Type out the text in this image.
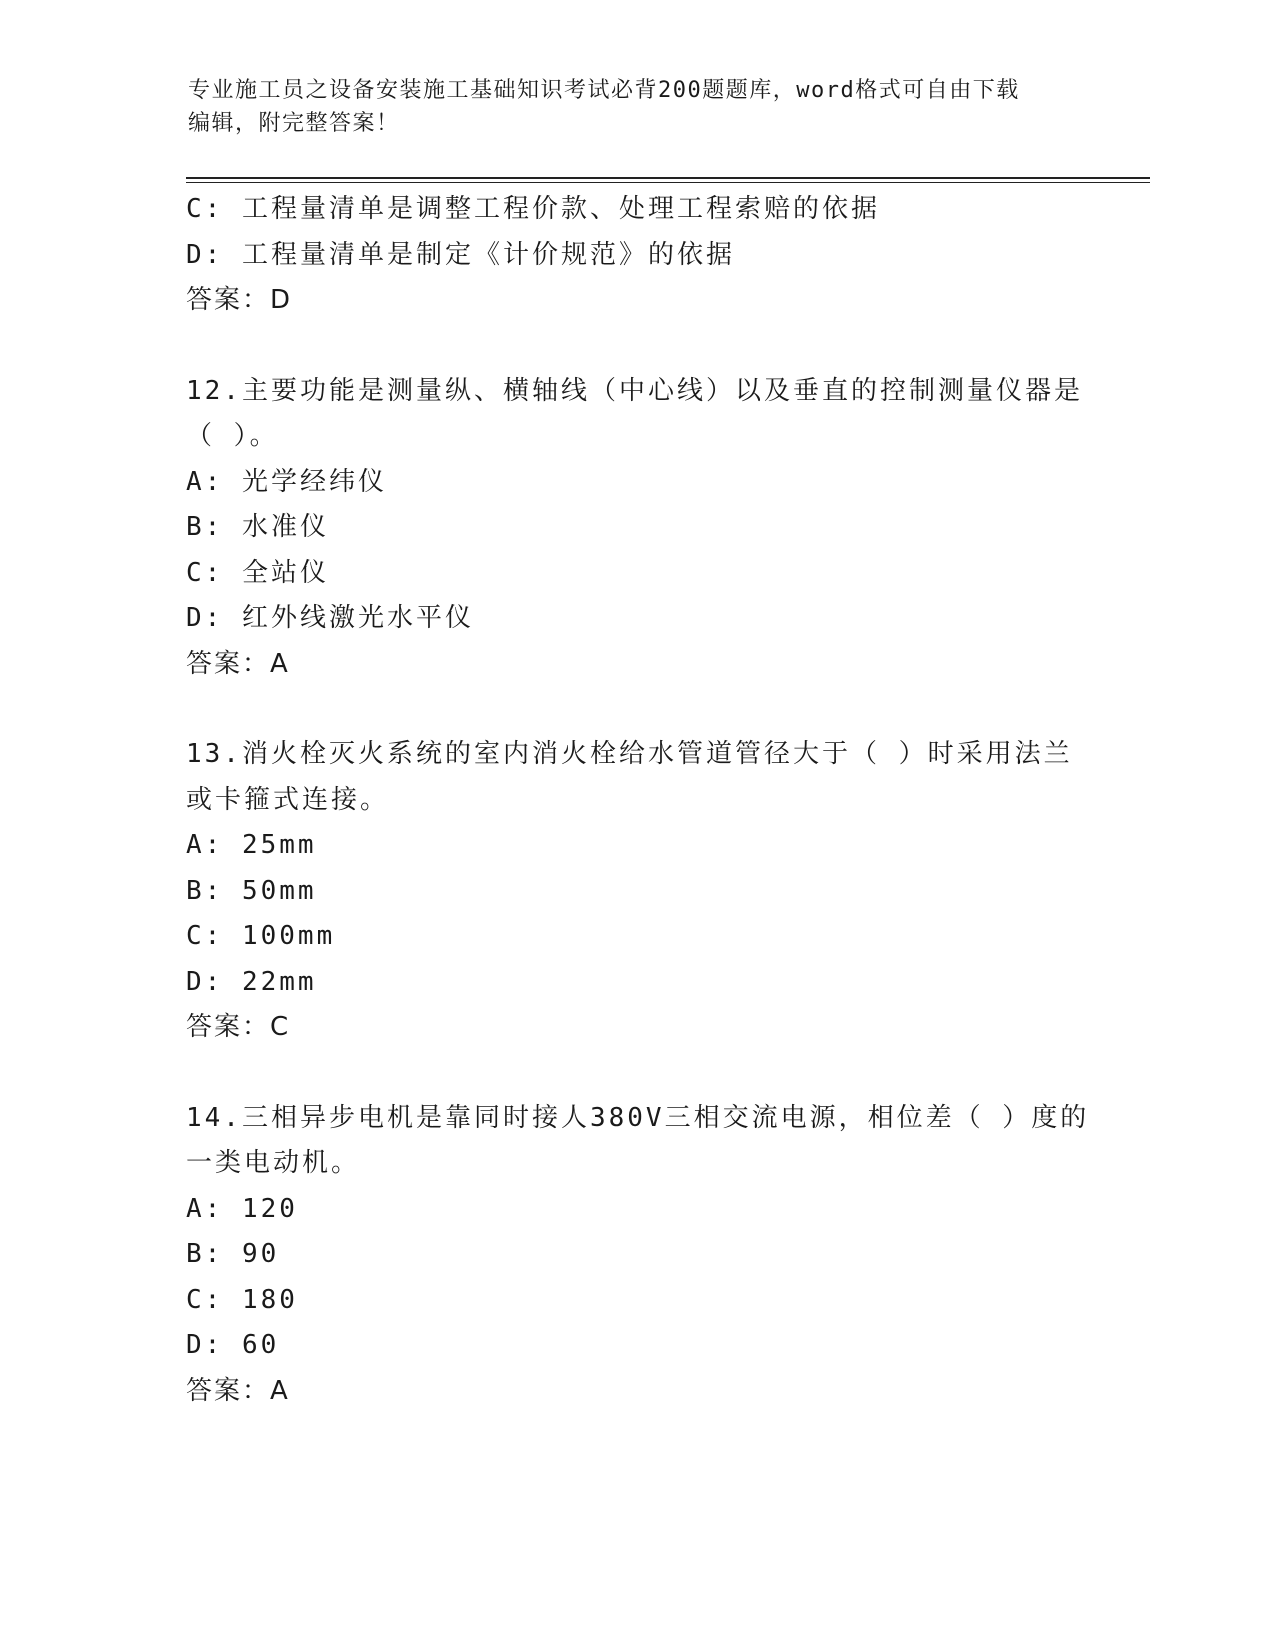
专业施工员之设备安装施工基础知识考试必背200题题库，word格式可自由下载
编辑，附完整答案！
C: 工程量清单是调整工程价款、处理工程索赔的依据
D: 工程量清单是制定《计价规范》的依据
答案：D
12.主要功能是测量纵、横轴线（中心线）以及垂直的控制测量仪器是
（ ）。
A: 光学经纬仪
B: 水准仪
C: 全站仪
D: 红外线激光水平仪
答案：A
13.消火栓灭火系统的室内消火栓给水管道管径大于（ ）时采用法兰
或卡箍式连接。
A: 25mm
B: 50mm
C: 100mm
D: 22mm
答案：C
14.三相异步电机是靠同时接人380V三相交流电源，相位差（ ）度的
一类电动机。
A: 120
B: 90
C: 180
D: 60
答案：A
